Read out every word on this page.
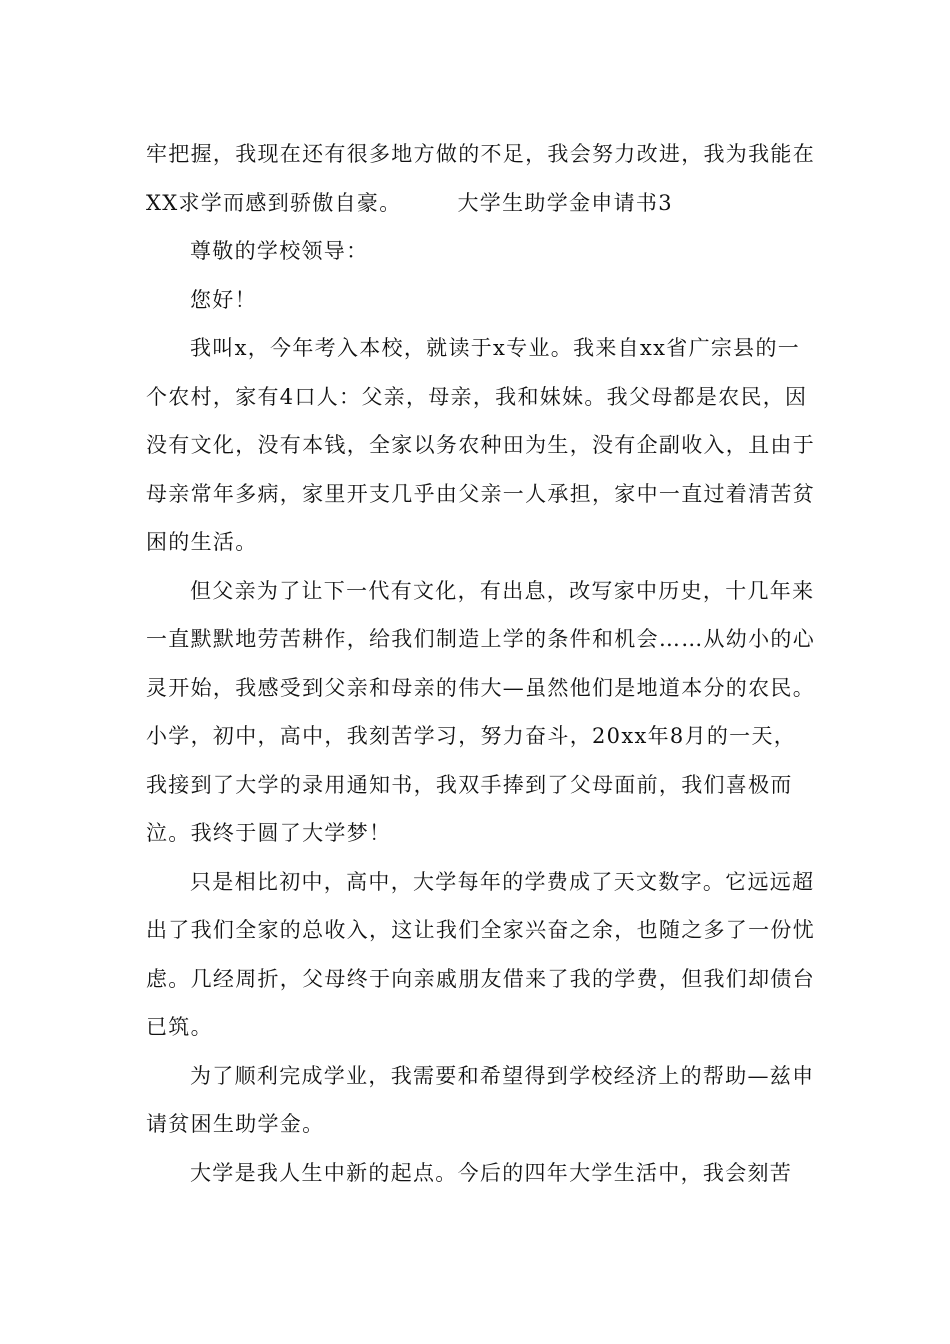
牢把握，我现在还有很多地方做的不足，我会努力改进，我为我能在XX求学而感到骄傲自豪。	大学生助学金申请书3

尊敬的学校领导：

您好！

我叫x，今年考入本校，就读于x专业。我来自xx省广宗县的一个农村，家有4口人：父亲，母亲，我和妹妹。我父母都是农民，因没有文化，没有本钱，全家以务农种田为生，没有企副收入，且由于母亲常年多病，家里开支几乎由父亲一人承担，家中一直过着清苦贫困的生活。

但父亲为了让下一代有文化，有出息，改写家中历史，十几年来一直默默地劳苦耕作，给我们制造上学的条件和机会……从幼小的心灵开始，我感受到父亲和母亲的伟大—虽然他们是地道本分的农民。小学，初中，高中，我刻苦学习，努力奋斗，20xx年8月的一天，我接到了大学的录用通知书，我双手捧到了父母面前，我们喜极而泣。我终于圆了大学梦！

只是相比初中，高中，大学每年的学费成了天文数字。它远远超出了我们全家的总收入，这让我们全家兴奋之余，也随之多了一份忧虑。几经周折，父母终于向亲戚朋友借来了我的学费，但我们却债台已筑。

为了顺利完成学业，我需要和希望得到学校经济上的帮助—兹申请贫困生助学金。

大学是我人生中新的起点。今后的四年大学生活中，我会刻苦
